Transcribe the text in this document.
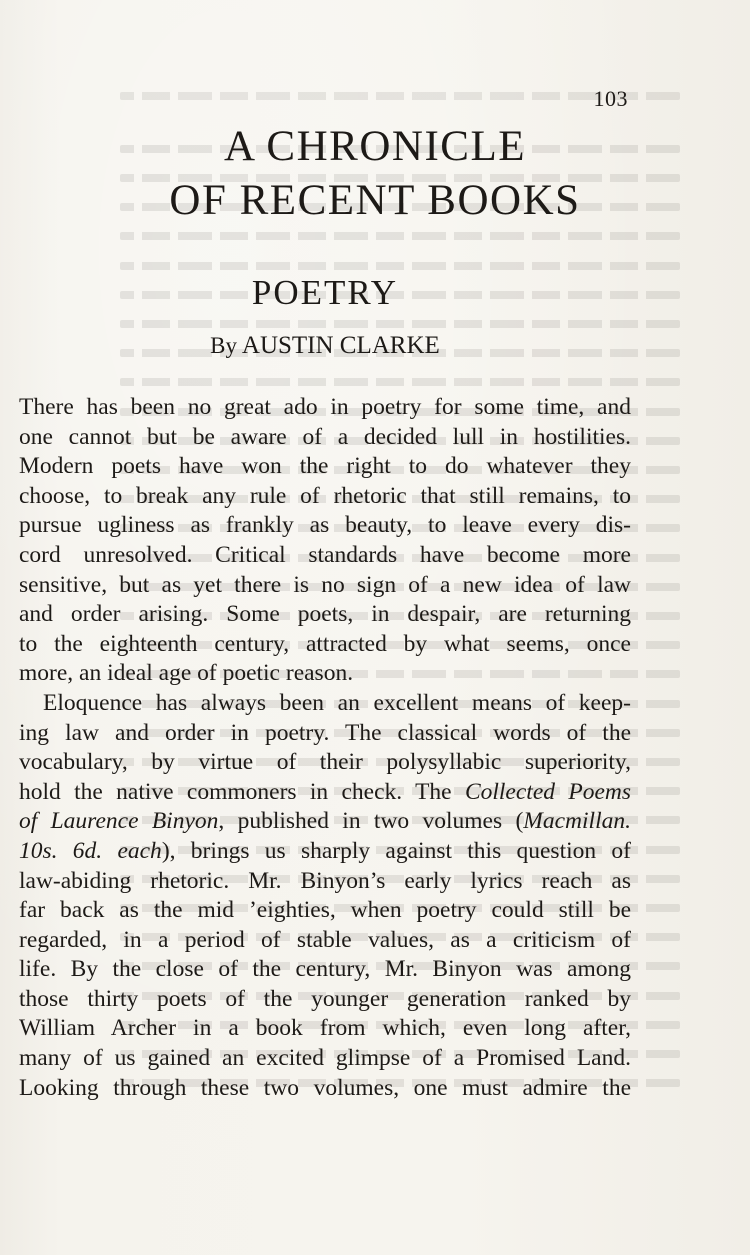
103
A CHRONICLE
OF RECENT BOOKS
POETRY
By AUSTIN CLARKE
There has been no great ado in poetry for some time, and
one cannot but be aware of a decided lull in hostilities.
Modern poets have won the right to do whatever they
choose, to break any rule of rhetoric that still remains, to
pursue ugliness as frankly as beauty, to leave every dis-
cord unresolved. Critical standards have become more
sensitive, but as yet there is no sign of a new idea of law
and order arising. Some poets, in despair, are returning
to the eighteenth century, attracted by what seems, once
more, an ideal age of poetic reason.
Eloquence has always been an excellent means of keep-
ing law and order in poetry. The classical words of the
vocabulary, by virtue of their polysyllabic superiority,
hold the native commoners in check. The Collected Poems
of Laurence Binyon, published in two volumes (Macmillan.
10s. 6d. each), brings us sharply against this question of
law-abiding rhetoric. Mr. Binyon’s early lyrics reach as
far back as the mid ’eighties, when poetry could still be
regarded, in a period of stable values, as a criticism of
life. By the close of the century, Mr. Binyon was among
those thirty poets of the younger generation ranked by
William Archer in a book from which, even long after,
many of us gained an excited glimpse of a Promised Land.
Looking through these two volumes, one must admire the
